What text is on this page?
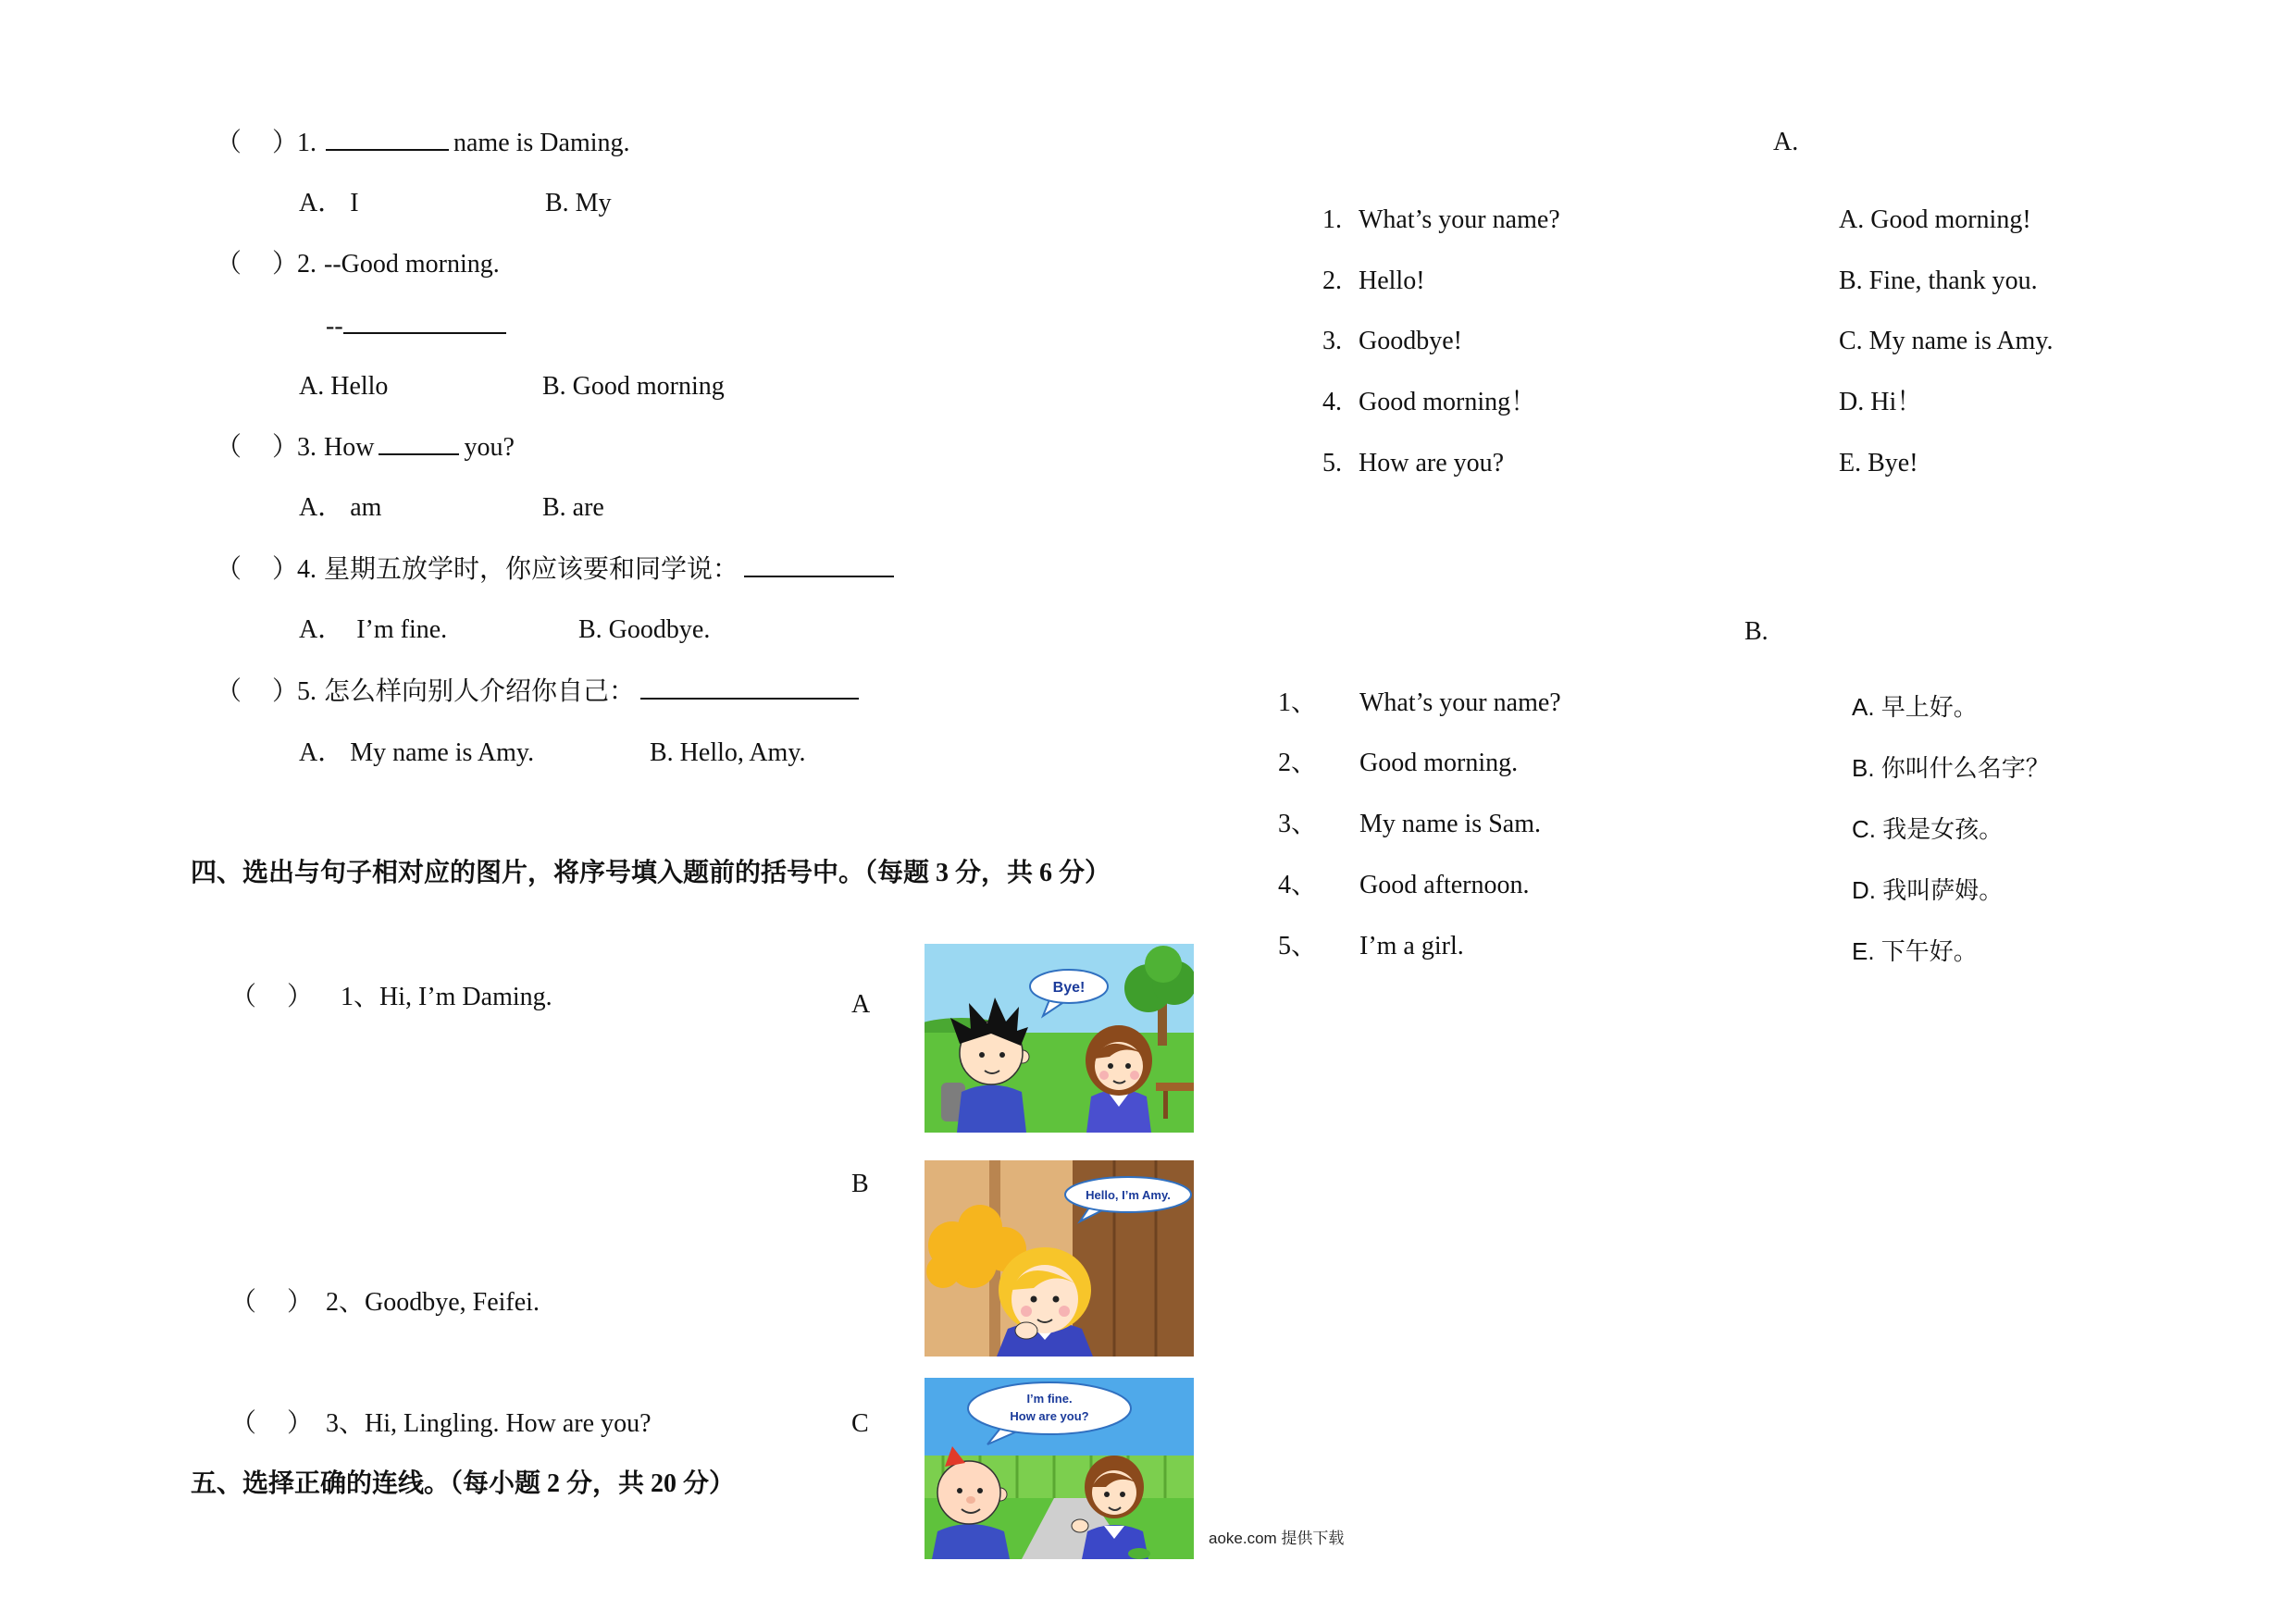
（	）
1.	name is Daming.
A． I	B. My
（	）
2. --Good morning.
--
A. Hello	B. Good morning
（	）
3. How	you?
A． am	B. are
（	）
4. 星期五放学时，你应该要和同学说：
A．  I’m fine.	B. Goodbye.
（	）
5. 怎么样向别人介绍你自己：
A． My name is Amy.	B. Hello, Amy.
四、选出与句子相对应的图片，将序号填入题前的括号中。（每题 3 分，共 6 分）
（	）	1、Hi, I’m Daming.
（	） 2、Goodbye, Feifei.
（	） 3、Hi, Lingling. How are you?
A
B
C
Bye!
Hello, I’m Amy.
I’m fine.
How are you?
五、选择正确的连线。（每小题 2 分，共 20 分）
aoke.com 提供下载
A.
1. What’s your name?
2. Hello!
3. Goodbye!
4. Good morning！
5. How are you?
A. Good morning!
B. Fine, thank you.
C. My name is Amy.
D. Hi！
E. Bye!
B.
1、	What’s your name?
2、	Good morning.
3、	My name is Sam.
4、	Good afternoon.
5、	I’m a girl.
A. 早上好。
B. 你叫什么名字？
C. 我是女孩。
D. 我叫萨姆。
E. 下午好。
